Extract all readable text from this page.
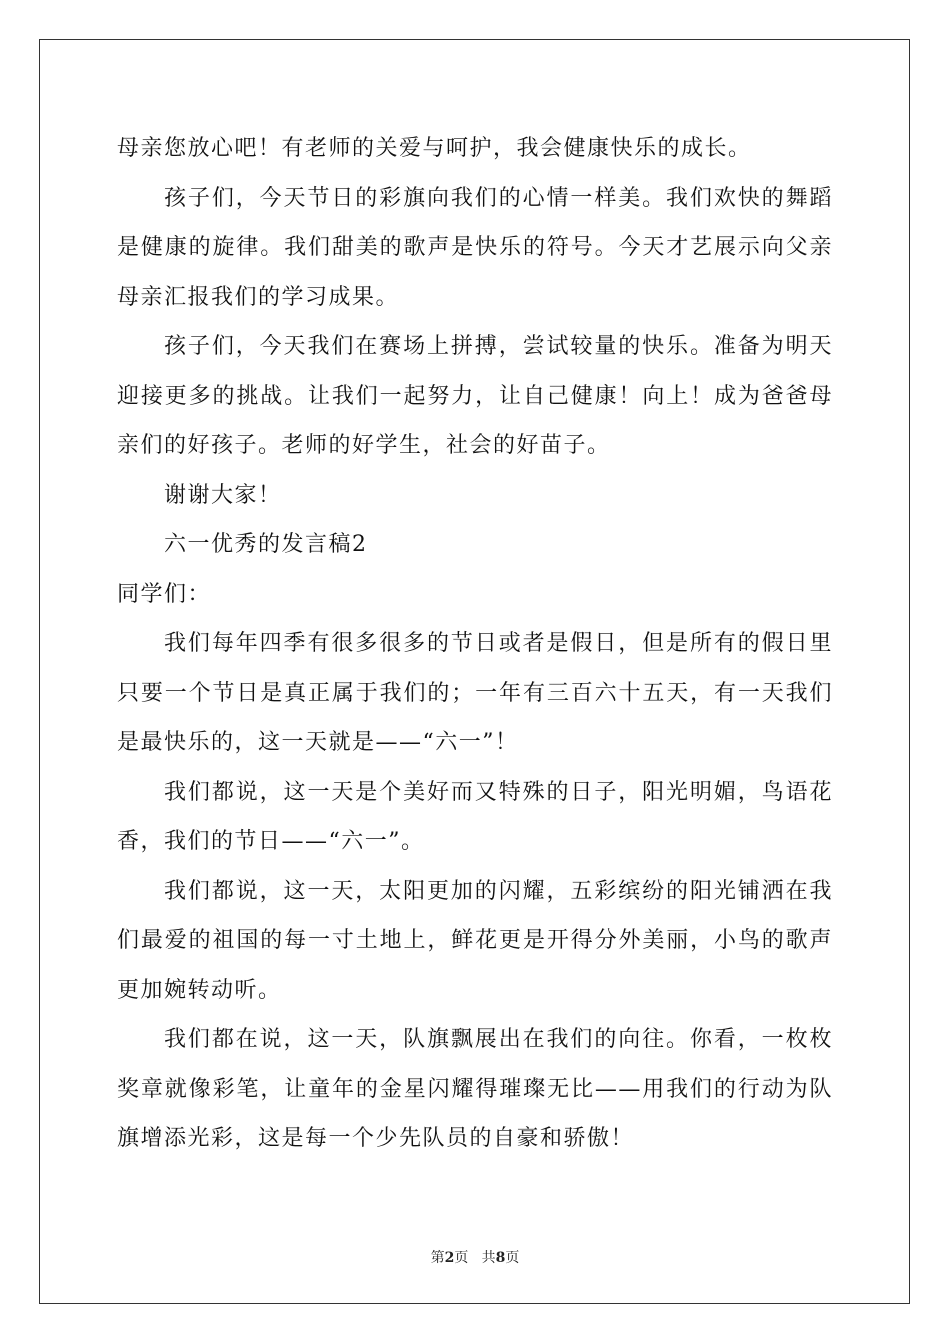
母亲您放心吧！有老师的关爱与呵护，我会健康快乐的成长。

孩子们，今天节日的彩旗向我们的心情一样美。我们欢快的舞蹈是健康的旋律。我们甜美的歌声是快乐的符号。今天才艺展示向父亲母亲汇报我们的学习成果。

孩子们，今天我们在赛场上拼搏，尝试较量的快乐。准备为明天迎接更多的挑战。让我们一起努力，让自己健康！向上！成为爸爸母亲们的好孩子。老师的好学生，社会的好苗子。

谢谢大家！

六一优秀的发言稿2

同学们：

我们每年四季有很多很多的节日或者是假日，但是所有的假日里只要一个节日是真正属于我们的；一年有三百六十五天，有一天我们是最快乐的，这一天就是——“六一”！

我们都说，这一天是个美好而又特殊的日子，阳光明媚，鸟语花香，我们的节日——“六一”。

我们都说，这一天，太阳更加的闪耀，五彩缤纷的阳光铺洒在我们最爱的祖国的每一寸土地上，鲜花更是开得分外美丽，小鸟的歌声更加婉转动听。

我们都在说，这一天，队旗飘展出在我们的向往。你看，一枚枚奖章就像彩笔，让童年的金星闪耀得璀璨无比——用我们的行动为队旗增添光彩，这是每一个少先队员的自豪和骄傲！

第2页 共8页
